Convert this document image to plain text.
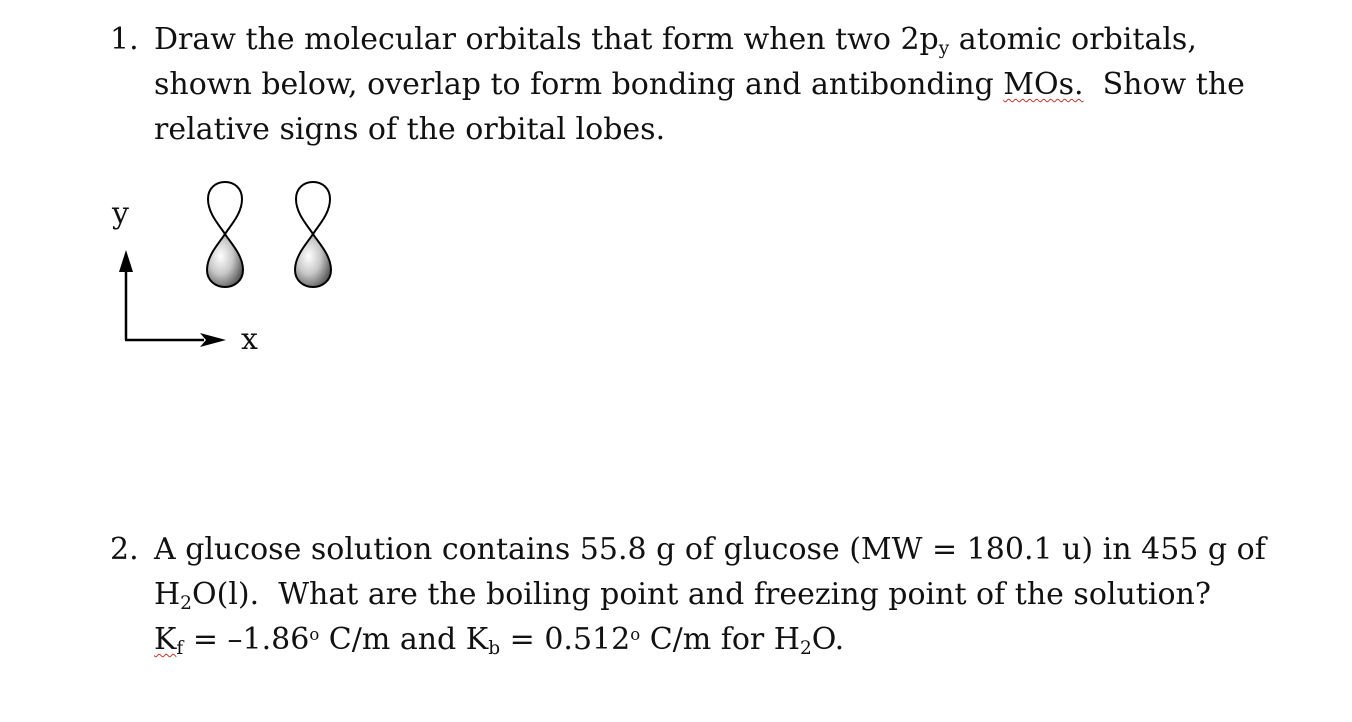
1. Draw the molecular orbitals that form when two 2py atomic orbitals,
shown below, overlap to form bonding and antibonding MOs.  Show the
relative signs of the orbital lobes.
y
x
2. A glucose solution contains 55.8 g of glucose (MW = 180.1 u) in 455 g of
H2O(l).  What are the boiling point and freezing point of the solution?
$Kf = -1.86^o$ C/m and $Kb = 0.512^o$ C/m for H2O.
